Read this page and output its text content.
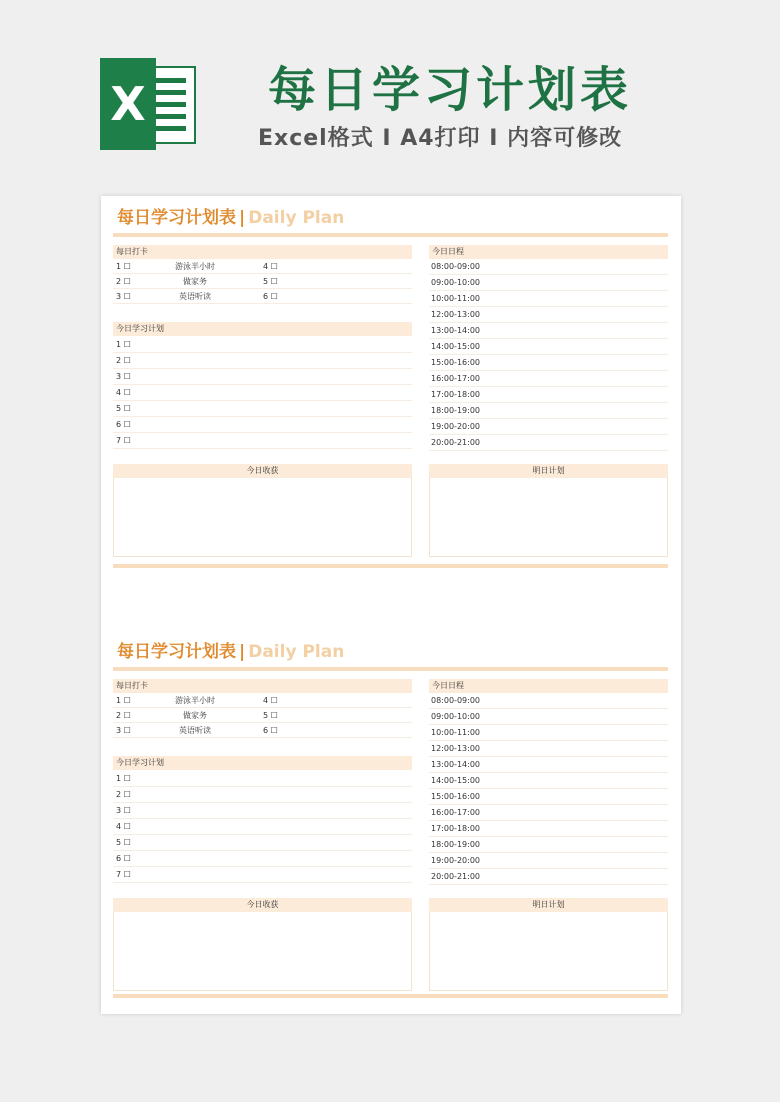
X	每日学习计划表
Excel格式 I A4打印 I 内容可修改
每日学习计划表 | Daily Plan
每日打卡
1 ☐	游泳半小时	4 ☐
2 ☐	做家务	5 ☐
3 ☐	英语听读	6 ☐
今日学习计划
1 ☐
2 ☐
3 ☐
4 ☐
5 ☐
6 ☐
7 ☐
今日日程
08:00-09:00
09:00-10:00
10:00-11:00
12:00-13:00
13:00-14:00
14:00-15:00
15:00-16:00
16:00-17:00
17:00-18:00
18:00-19:00
19:00-20:00
20:00-21:00
今日收获	明日计划
每日学习计划表 | Daily Plan
每日打卡
1 ☐	游泳半小时	4 ☐
2 ☐	做家务	5 ☐
3 ☐	英语听读	6 ☐
今日学习计划
1 ☐
2 ☐
3 ☐
4 ☐
5 ☐
6 ☐
7 ☐
今日日程
08:00-09:00
09:00-10:00
10:00-11:00
12:00-13:00
13:00-14:00
14:00-15:00
15:00-16:00
16:00-17:00
17:00-18:00
18:00-19:00
19:00-20:00
20:00-21:00
今日收获	明日计划
